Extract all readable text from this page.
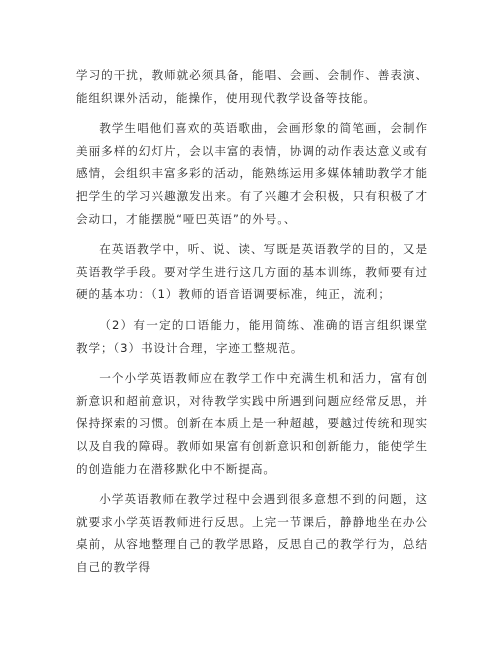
学习的干扰，教师就必须具备，能唱、会画、会制作、善表演、能组织课外活动，能操作，使用现代教学设备等技能。

教学生唱他们喜欢的英语歌曲，会画形象的简笔画，会制作美丽多样的幻灯片，会以丰富的表情，协调的动作表达意义或有感情，会组织丰富多彩的活动，能熟练运用多媒体辅助教学才能把学生的学习兴趣激发出来。有了兴趣才会积极，只有积极了才会动口，才能摆脱“哑巴英语”的外号。、

在英语教学中，听、说、读、写既是英语教学的目的，又是英语教学手段。要对学生进行这几方面的基本训练，教师要有过硬的基本功：（1）教师的语音语调要标准，纯正，流利；

（2）有一定的口语能力，能用简练、准确的语言组织课堂教学；（3）书设计合理，字迹工整规范。

一个小学英语教师应在教学工作中充满生机和活力，富有创新意识和超前意识，对待教学实践中所遇到问题应经常反思，并保持探索的习惯。创新在本质上是一种超越，要越过传统和现实以及自我的障碍。教师如果富有创新意识和创新能力，能使学生的创造能力在潜移默化中不断提高。

小学英语教师在教学过程中会遇到很多意想不到的问题，这就要求小学英语教师进行反思。上完一节课后，静静地坐在办公桌前，从容地整理自己的教学思路，反思自己的教学行为，总结自己的教学得
